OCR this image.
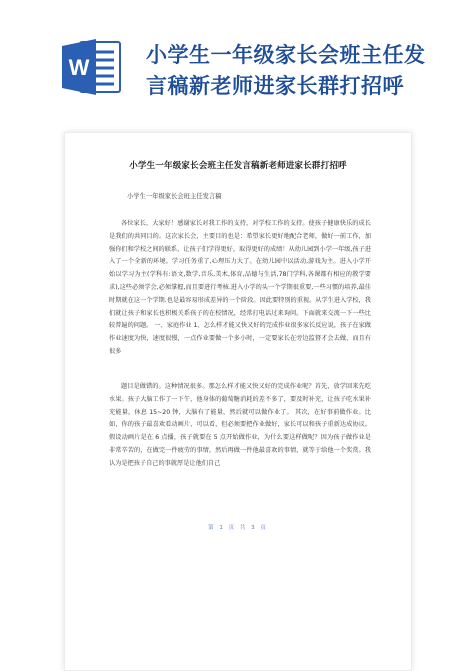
W	小学生一年级家长会班主任发
言稿新老师进家长群打招呼
小学生一年级家长会班主任发言稿新老师进家长群打招呼
小学生一年级家长会班主任发言稿

各位家长，大家好！感谢家长对我工作的支持，对学校工作的支持。使孩子健康快乐的成长是我们的共同目的。这次家长会，主要目的也是：希望家长更好地配合老师，做好一前工作，加强你们和学校之间的联系，让孩子们学得更好，取得更好的成绩！从幼儿园到小学一年级,孩子进入了一个全新的环境。学习任务重了,心理压力大了。在幼儿园中以活动,游戏为主。进入小学开始以学习为主(学科有:语文,数学,音乐,美术,体育,品德与生活,78门学科,各课都有相应的教学要求),这些必须学会,必须掌握,而且要进行考核.进入小学的头一个学期很重要,一些习惯的培养,最佳时期就在这一个学期.也是最容易形成差异的一个阶段。因此要特别的重视。从学生进入学校，我们就让孩子和家长也积极关系孩子的在校情况，经常打电话过来询问。下面就来交流一下一些比较普遍的问题。 一、家庭作业 1、怎么样才能又快又好的完成作业很多家长反应说，孩子在家做作业速度为快，速度很慢，一点作业要做一个多小时，一定要家长在旁边监督才会去做，而且有很多

题目是做错的。这种情况很多。那怎么样才能又快又好的完成作业呢？首先，放学回来先吃水果。孩子大脑工作了一下午，他身体的葡萄糖消耗的差不多了，要及时补充，让孩子吃水果补充能量，休息 15~20 钟，大脑有了能量，然后就可以做作业了。 其次，在好事前做作业。比如，你的孩子最喜欢看动画片，可以看，但必须要把作业做好，家长可以和孩子重新达成协议。假设动画片是在 6 点播，孩子就要在 5 点开始做作业，为什么要这样做呢？因为孩子做作业是非常辛苦的，在做完一件疲劳的事情，然后再做一件他最喜欢的事情，就等于给他一个奖赏。我认为是把孩子自己的事就厚是让他们自己

第 1 页 共 3 页
